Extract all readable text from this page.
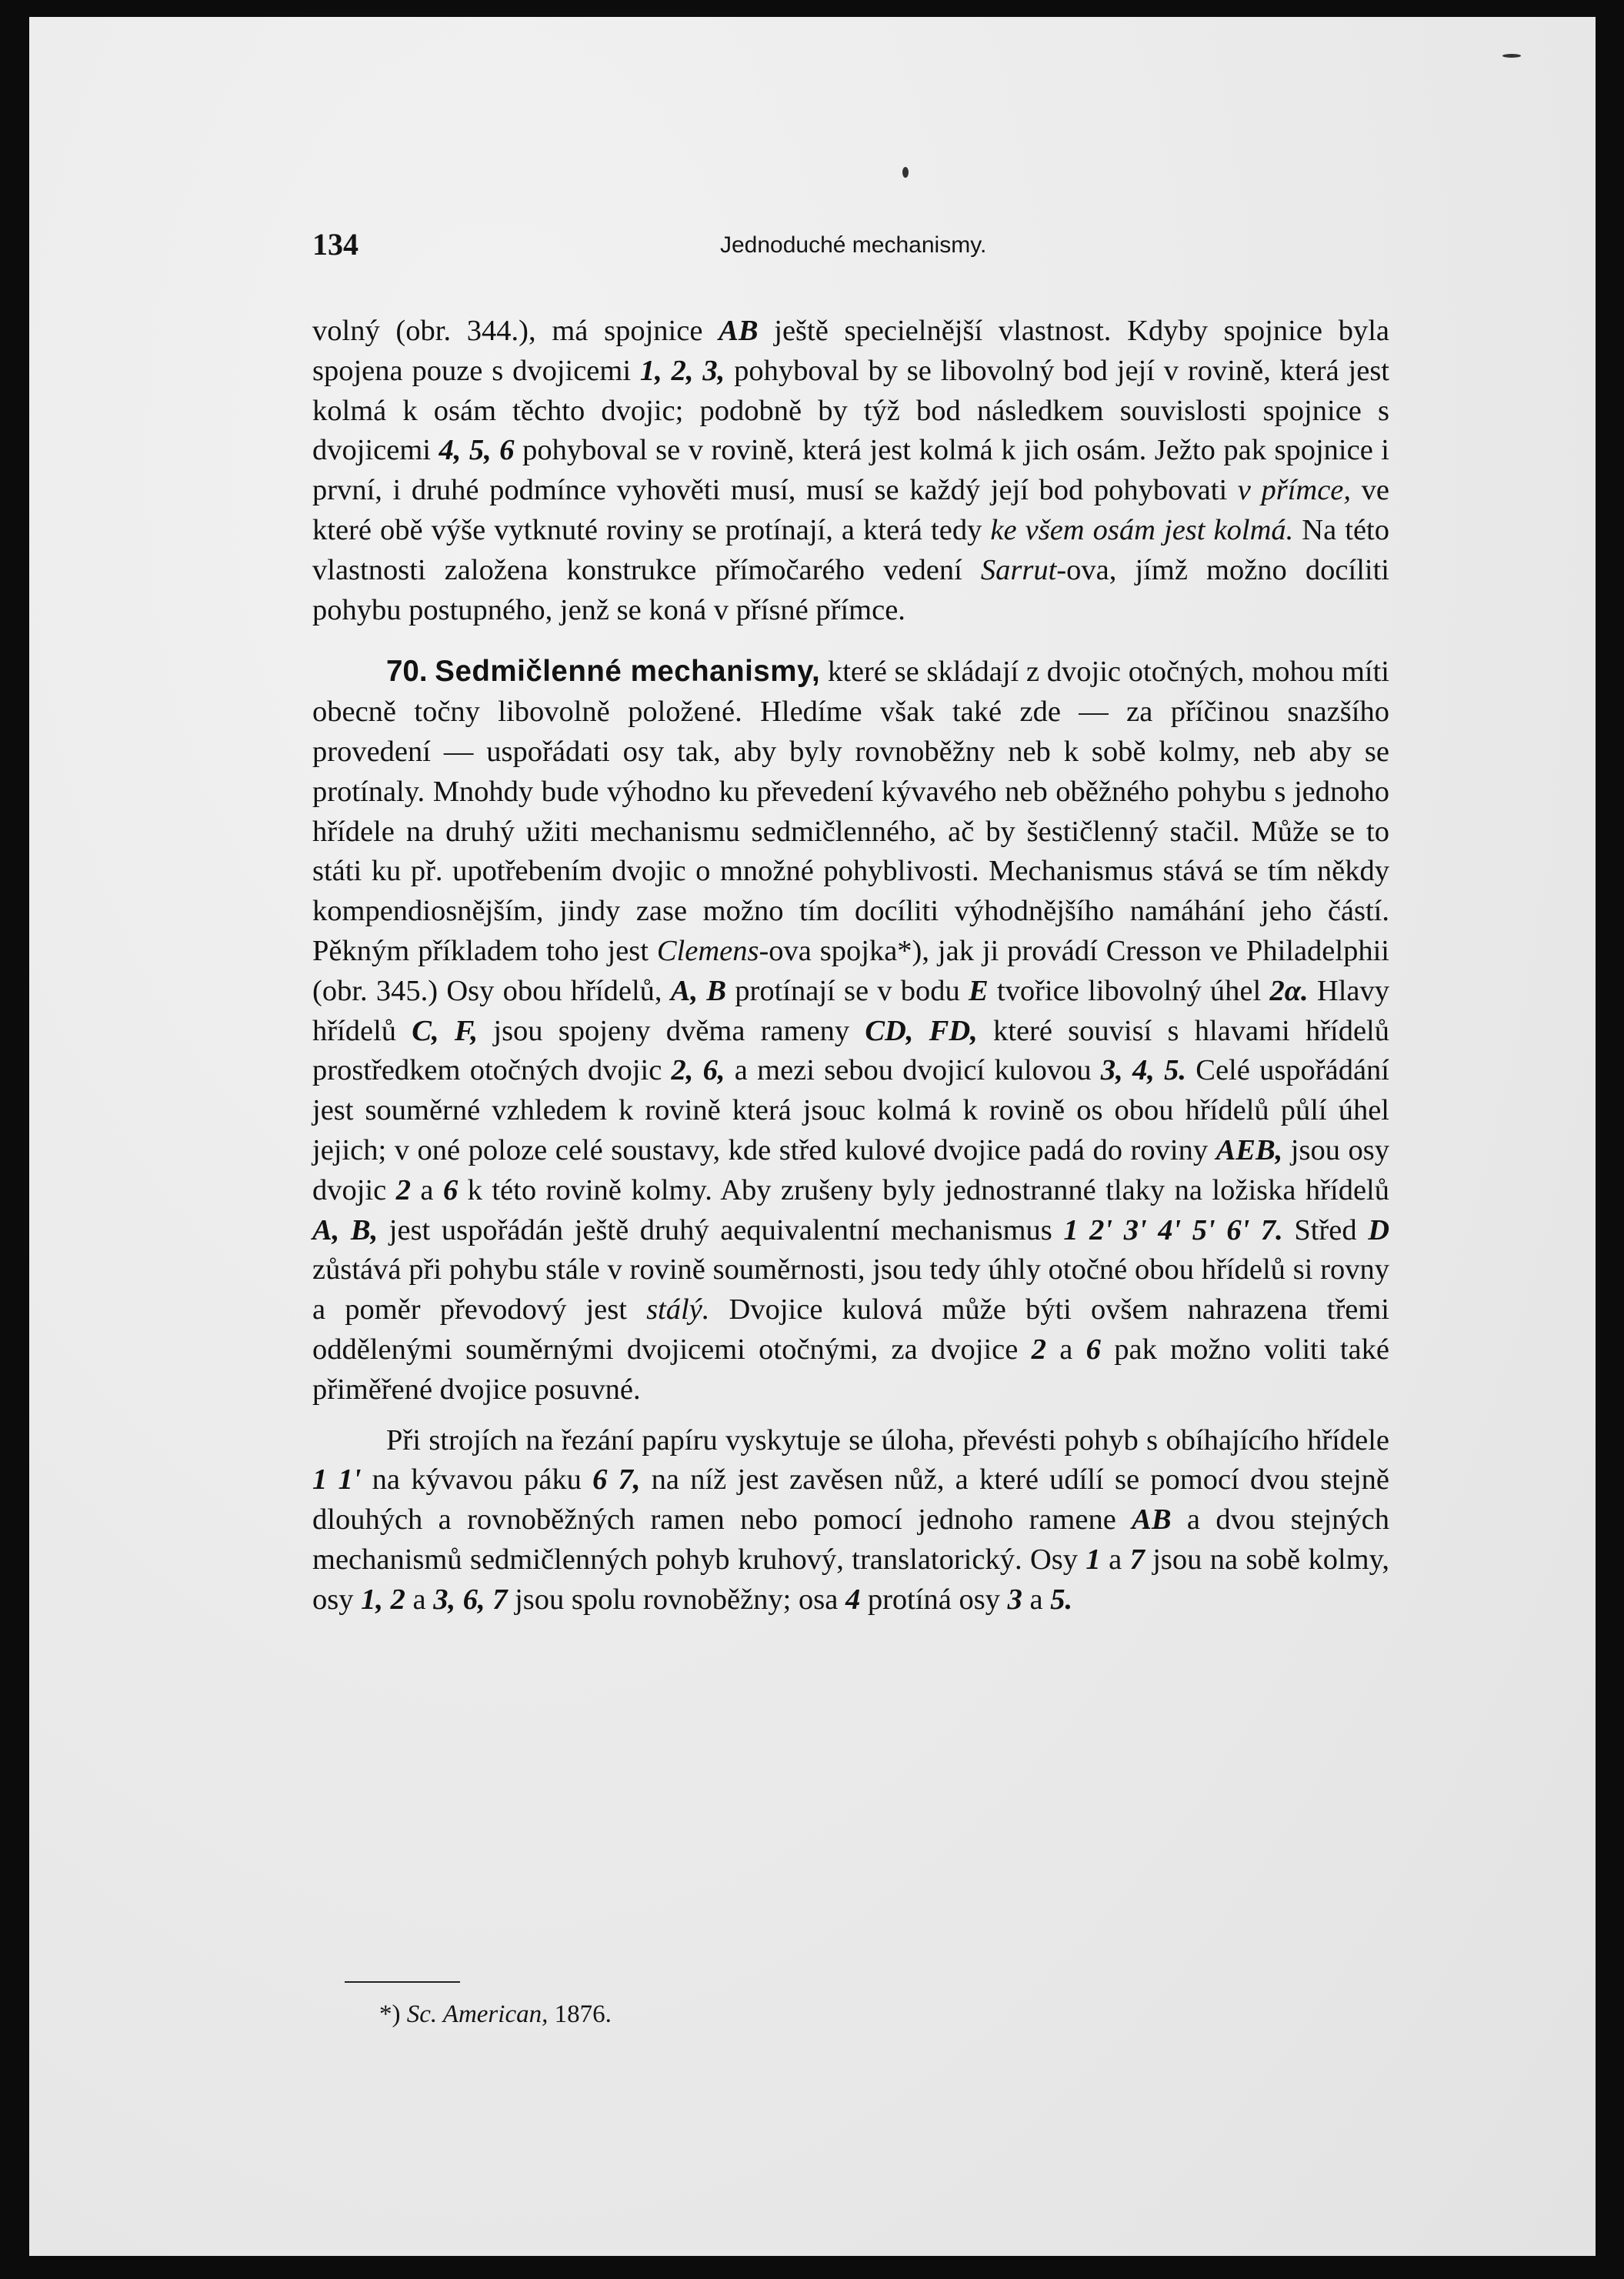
134	Jednoduché mechanismy.

volný (obr. 344.), má spojnice AB ještě specielnější vlastnost. Kdyby spojnice byla spojena pouze s dvojicemi 1, 2, 3, pohyboval by se libovolný bod její v rovině, která jest kolmá k osám těchto dvojic; podobně by týž bod následkem souvislosti spojnice s dvojicemi 4, 5, 6 pohyboval se v rovině, která jest kolmá k jich osám. Ježto pak spojnice i první, i druhé podmínce vyhověti musí, musí se každý její bod pohybovati v přímce, ve které obě výše vytknuté roviny se protínají, a která tedy ke všem osám jest kolmá. Na této vlastnosti založena konstrukce přímočarého vedení Sarrut-ova, jímž možno docíliti pohybu postupného, jenž se koná v přísné přímce.

70. Sedmičlenné mechanismy, které se skládají z dvojic otočných, mohou míti obecně točny libovolně položené. Hledíme však také zde — za příčinou snazšího provedení — uspořádati osy tak, aby byly rovnoběžny neb k sobě kolmy, neb aby se protínaly. Mnohdy bude výhodno ku převedení kývavého neb oběžného pohybu s jednoho hřídele na druhý užiti mechanismu sedmičlenného, ač by šestičlenný stačil. Může se to státi ku př. upotřebením dvojic o množné pohyblivosti. Mechanismus stává se tím někdy kompendiosnějším, jindy zase možno tím docíliti výhodnějšího namáhání jeho částí. Pěkným příkladem toho jest Clemens-ova spojka*), jak ji provádí Cresson ve Philadelphii (obr. 345.) Osy obou hřídelů, A, B protínají se v bodu E tvořice libovolný úhel 2α. Hlavy hřídelů C, F, jsou spojeny dvěma rameny CD, FD, které souvisí s hlavami hřídelů prostředkem otočných dvojic 2, 6, a mezi sebou dvojicí kulovou 3, 4, 5. Celé uspořádání jest souměrné vzhledem k rovině která jsouc kolmá k rovině os obou hřídelů půlí úhel jejich; v oné poloze celé soustavy, kde střed kulové dvojice padá do roviny AEB, jsou osy dvojic 2 a 6 k této rovině kolmy. Aby zrušeny byly jednostranné tlaky na ložiska hřídelů A, B, jest uspořádán ještě druhý aequivalentní mechanismus 1 2' 3' 4' 5' 6' 7. Střed D zůstává při pohybu stále v rovině souměrnosti, jsou tedy úhly otočné obou hřídelů si rovny a poměr převodový jest stálý. Dvojice kulová může býti ovšem nahrazena třemi oddělenými souměrnými dvojicemi otočnými, za dvojice 2 a 6 pak možno voliti také přiměřené dvojice posuvné.

Při strojích na řezání papíru vyskytuje se úloha, převésti pohyb s obíhajícího hřídele 1 1' na kývavou páku 6 7, na níž jest zavěsen nůž, a které udílí se pomocí dvou stejně dlouhých a rovnoběžných ramen nebo pomocí jednoho ramene AB a dvou stejných mechanismů sedmičlenných pohyb kruhový, translatorický. Osy 1 a 7 jsou na sobě kolmy, osy 1, 2 a 3, 6, 7 jsou spolu rovnoběžny; osa 4 protíná osy 3 a 5.

*) Sc. American, 1876.
